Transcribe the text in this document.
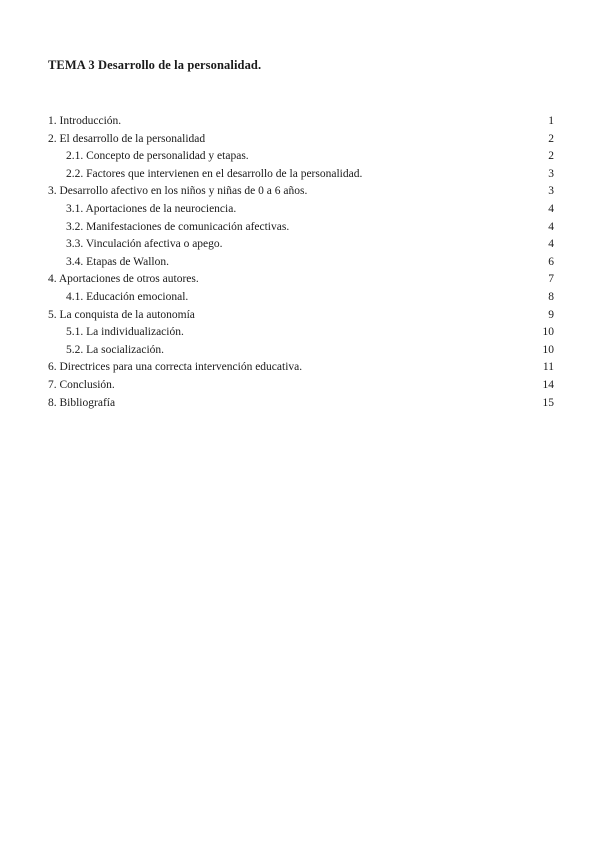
TEMA 3 Desarrollo de la personalidad.
1. Introducción.	1
2. El desarrollo de la personalidad	2
2.1. Concepto de personalidad y etapas.	2
2.2. Factores que intervienen en el desarrollo de la personalidad.	3
3. Desarrollo afectivo en los niños y niñas de 0 a 6 años.	3
3.1. Aportaciones de la neurociencia.	4
3.2. Manifestaciones de comunicación afectivas.	4
3.3. Vinculación afectiva o apego.	4
3.4. Etapas de Wallon.	6
4. Aportaciones de otros autores.	7
4.1. Educación emocional.	8
5. La conquista de la autonomía	9
5.1. La individualización.	10
5.2. La socialización.	10
6. Directrices para una correcta intervención educativa.	11
7. Conclusión.	14
8. Bibliografía	15
